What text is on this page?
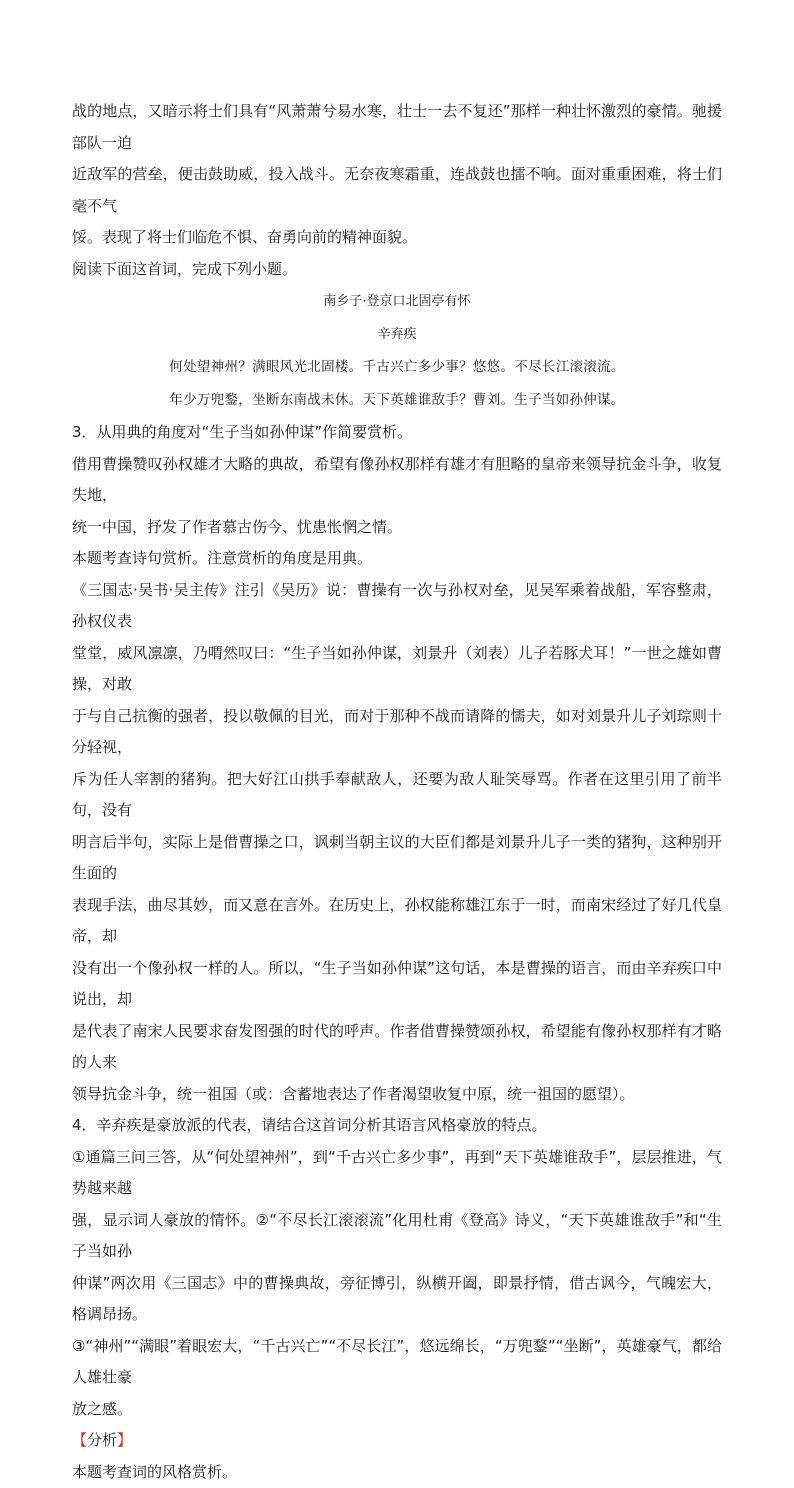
战的地点，又暗示将士们具有“风萧萧兮易水寒，壮士一去不复还”那样一种壮怀激烈的豪情。驰援部队一迫

近敌军的营垒，便击鼓助威，投入战斗。无奈夜寒霜重，连战鼓也擂不响。面对重重困难，将士们毫不气

馁。表现了将士们临危不惧、奋勇向前的精神面貌。

阅读下面这首词，完成下列小题。

南乡子·登京口北固亭有怀
辛弃疾
何处望神州？满眼风光北固楼。千古兴亡多少事？悠悠。不尽长江滚滚流。
年少万兜鍪，坐断东南战未休。天下英雄谁敌手？曹刘。生子当如孙仲谋。

3．从用典的角度对“生子当如孙仲谋”作简要赏析。

借用曹操赞叹孙权雄才大略的典故，希望有像孙权那样有雄才有胆略的皇帝来领导抗金斗争，收复失地，

统一中国，抒发了作者慕古伤今、忧患怅惘之情。

本题考查诗句赏析。注意赏析的角度是用典。

《三国志·吴书·吴主传》注引《吴历》说：曹操有一次与孙权对垒，见吴军乘着战船，军容整肃，孙权仪表

堂堂，威风凛凛，乃喟然叹曰：“生子当如孙仲谋，刘景升（刘表）儿子若豚犬耳！”一世之雄如曹操，对敢

于与自己抗衡的强者，投以敬佩的目光，而对于那种不战而请降的懦夫，如对刘景升儿子刘琮则十分轻视，

斥为任人宰割的猪狗。把大好江山拱手奉献敌人，还要为敌人耻笑辱骂。作者在这里引用了前半句，没有

明言后半句，实际上是借曹操之口，讽刺当朝主议的大臣们都是刘景升儿子一类的猪狗，这种别开生面的

表现手法，曲尽其妙，而又意在言外。在历史上，孙权能称雄江东于一时，而南宋经过了好几代皇帝，却

没有出一个像孙权一样的人。所以，“生子当如孙仲谋”这句话，本是曹操的语言，而由辛弃疾口中说出，却

是代表了南宋人民要求奋发图强的时代的呼声。作者借曹操赞颂孙权，希望能有像孙权那样有才略的人来

领导抗金斗争，统一祖国（或：含蓄地表达了作者渴望收复中原，统一祖国的愿望）。

4．辛弃疾是豪放派的代表，请结合这首词分析其语言风格豪放的特点。

①通篇三问三答，从“何处望神州”，到“千古兴亡多少事”，再到“天下英雄谁敌手”，层层推进，气势越来越

强，显示词人豪放的情怀。②“不尽长江滚滚流”化用杜甫《登高》诗义，“天下英雄谁敌手”和“生子当如孙

仲谋”两次用《三国志》中的曹操典故，旁征博引，纵横开阖，即景抒情，借古讽今，气魄宏大，格调昂扬。

③“神州”“满眼”着眼宏大，“千古兴亡”“不尽长江”，悠远绵长，“万兜鍪”“坐断”，英雄豪气，都给人雄壮豪

放之感。

【分析】

本题考查词的风格赏析。
